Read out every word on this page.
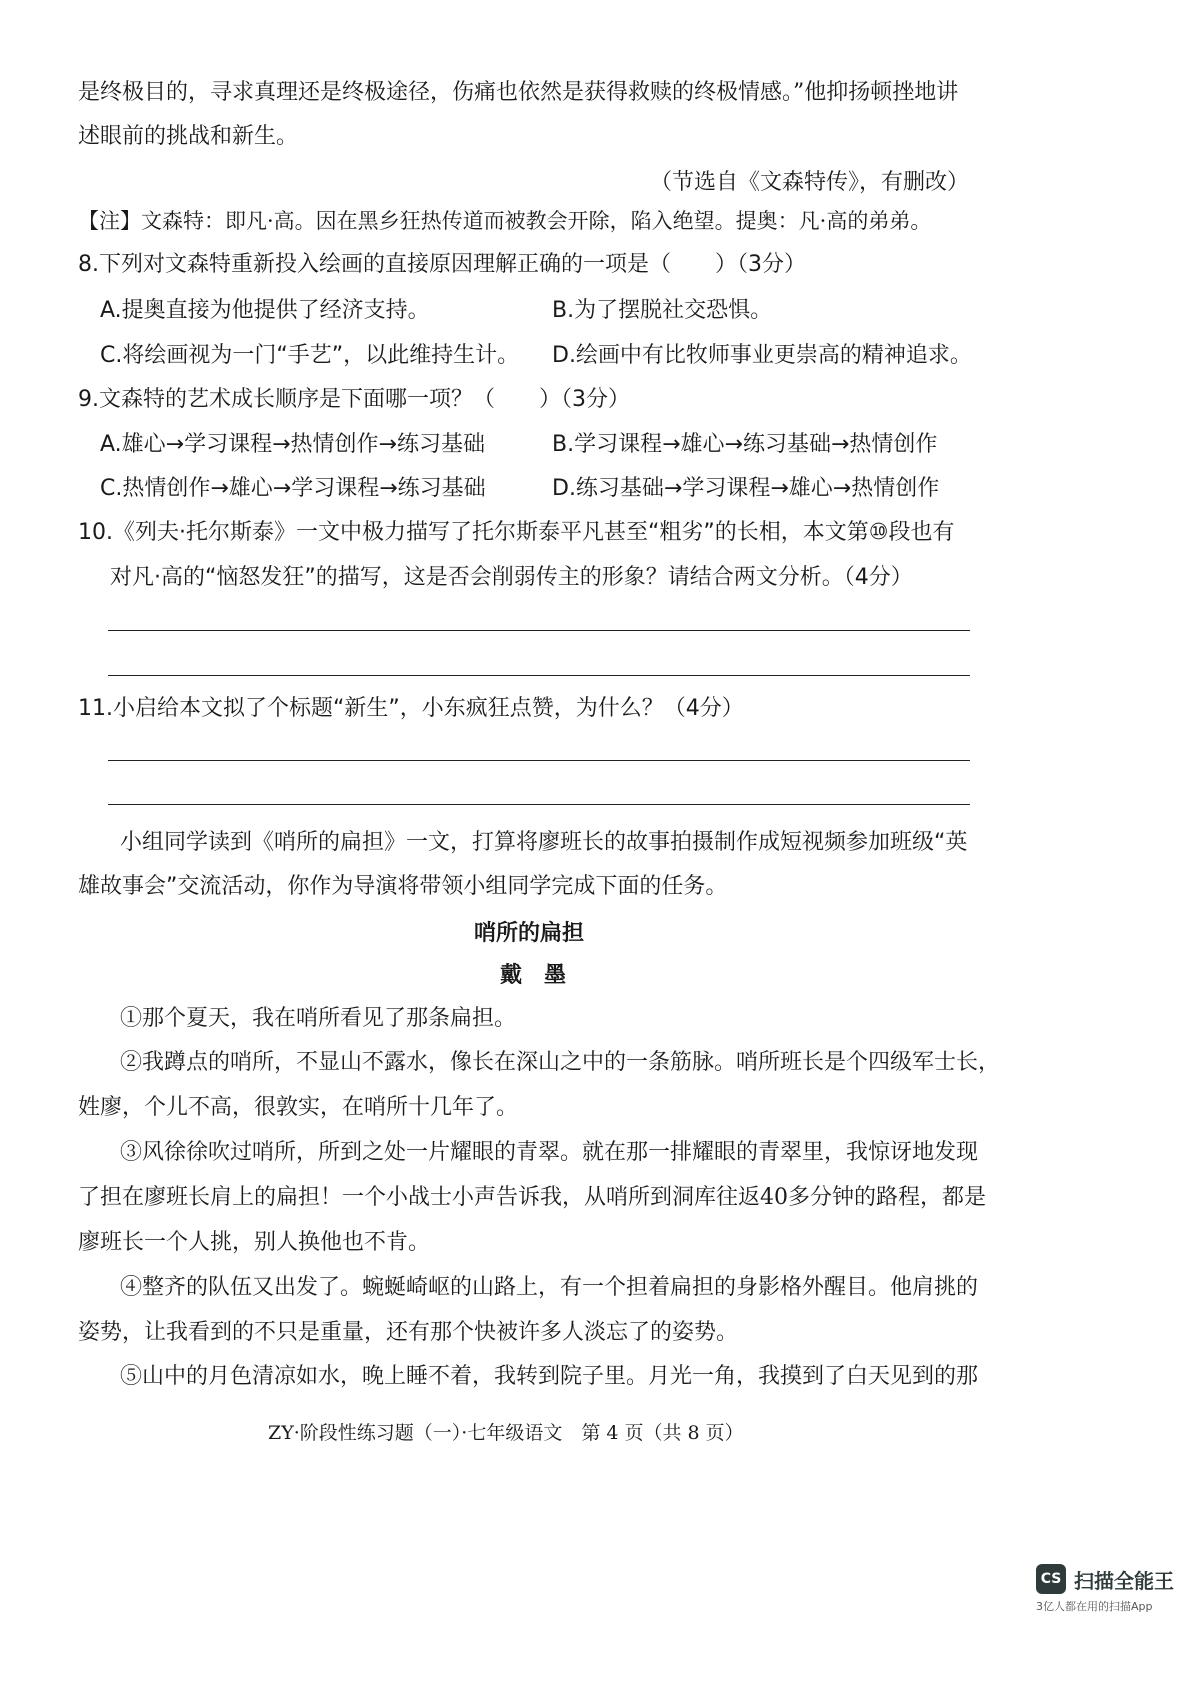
是终极目的，寻求真理还是终极途径，伤痛也依然是获得救赎的终极情感。”他抑扬顿挫地讲
述眼前的挑战和新生。
（节选自《文森特传》，有删改）
【注】文森特：即凡·高。因在黑乡狂热传道而被教会开除，陷入绝望。提奥：凡·高的弟弟。
8.下列对文森特重新投入绘画的直接原因理解正确的一项是（　　）（3分）
A.提奥直接为他提供了经济支持。	B.为了摆脱社交恐惧。
C.将绘画视为一门“手艺”，以此维持生计。 D.绘画中有比牧师事业更崇高的精神追求。
9.文森特的艺术成长顺序是下面哪一项？（　　）（3分）
A.雄心→学习课程→热情创作→练习基础	B.学习课程→雄心→练习基础→热情创作
C.热情创作→雄心→学习课程→练习基础	D.练习基础→学习课程→雄心→热情创作
10.《列夫·托尔斯泰》一文中极力描写了托尔斯泰平凡甚至“粗劣”的长相，本文第⑩段也有
对凡·高的“恼怒发狂”的描写，这是否会削弱传主的形象？请结合两文分析。（4分）
11.小启给本文拟了个标题“新生”，小东疯狂点赞，为什么？（4分）
小组同学读到《哨所的扁担》一文，打算将廖班长的故事拍摄制作成短视频参加班级“英
雄故事会”交流活动，你作为导演将带领小组同学完成下面的任务。
哨所的扁担
戴　墨
①那个夏天，我在哨所看见了那条扁担。
②我蹲点的哨所，不显山不露水，像长在深山之中的一条筋脉。哨所班长是个四级军士长，
姓廖，个儿不高，很敦实，在哨所十几年了。
③风徐徐吹过哨所，所到之处一片耀眼的青翠。就在那一排耀眼的青翠里，我惊讶地发现
了担在廖班长肩上的扁担！一个小战士小声告诉我，从哨所到洞库往返40多分钟的路程，都是
廖班长一个人挑，别人换他也不肯。
④整齐的队伍又出发了。蜿蜒崎岖的山路上，有一个担着扁担的身影格外醒目。他肩挑的
姿势，让我看到的不只是重量，还有那个快被许多人淡忘了的姿势。
⑤山中的月色清凉如水，晚上睡不着，我转到院子里。月光一角，我摸到了白天见到的那
ZY·阶段性练习题（一）·七年级语文　第 4 页（共 8 页）
CS 扫描全能王
3亿人都在用的扫描App
